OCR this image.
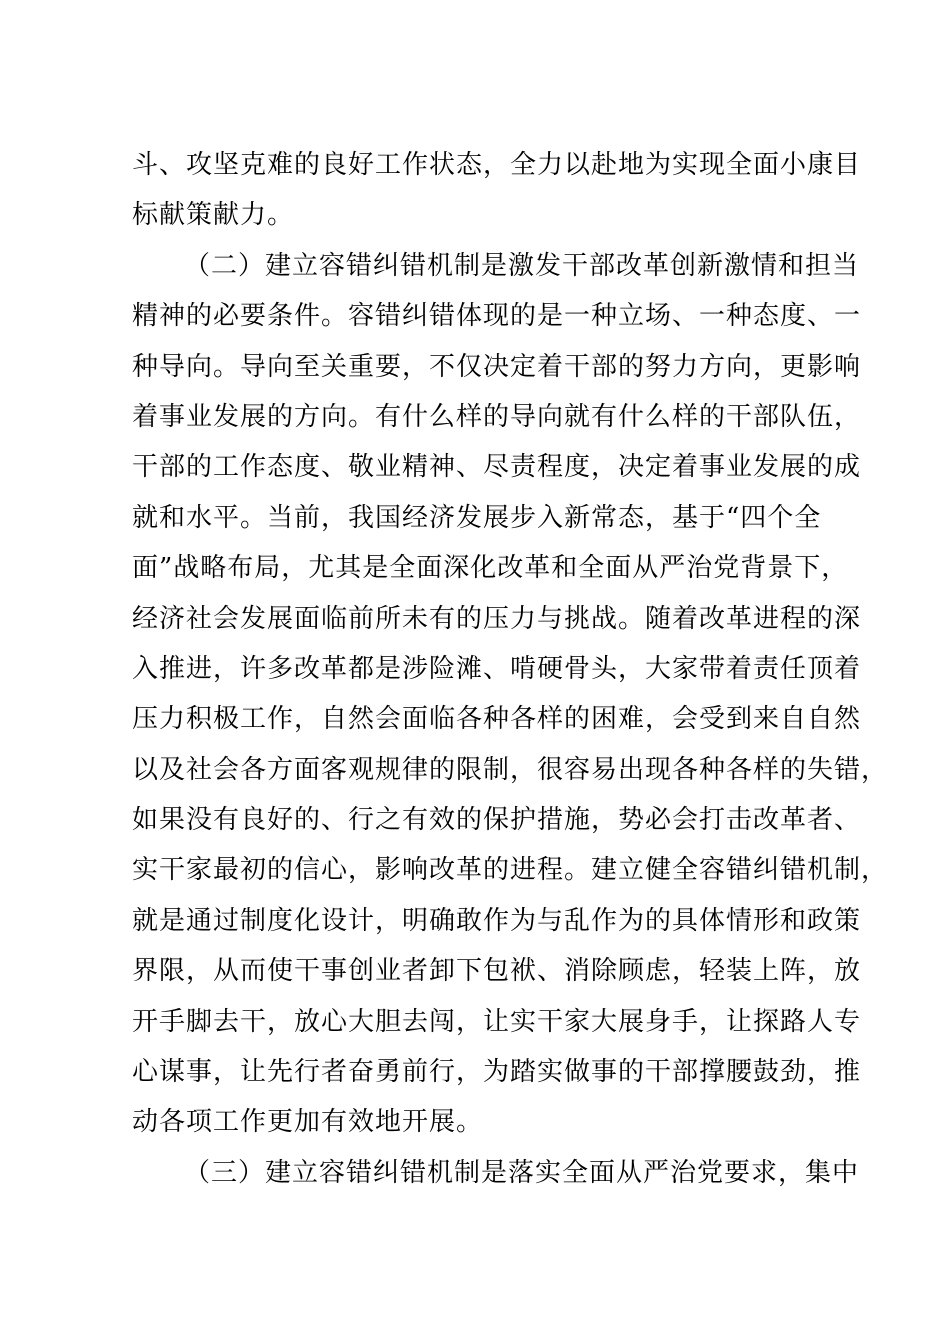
斗、攻坚克难的良好工作状态，全力以赴地为实现全面小康目
标献策献力。
（二）建立容错纠错机制是激发干部改革创新激情和担当
精神的必要条件。容错纠错体现的是一种立场、一种态度、一
种导向。导向至关重要，不仅决定着干部的努力方向，更影响
着事业发展的方向。有什么样的导向就有什么样的干部队伍，
干部的工作态度、敬业精神、尽责程度，决定着事业发展的成
就和水平。当前，我国经济发展步入新常态，基于“四个全
面”战略布局，尤其是全面深化改革和全面从严治党背景下，
经济社会发展面临前所未有的压力与挑战。随着改革进程的深
入推进，许多改革都是涉险滩、啃硬骨头，大家带着责任顶着
压力积极工作，自然会面临各种各样的困难，会受到来自自然
以及社会各方面客观规律的限制，很容易出现各种各样的失错，
如果没有良好的、行之有效的保护措施，势必会打击改革者、
实干家最初的信心，影响改革的进程。建立健全容错纠错机制，
就是通过制度化设计，明确敢作为与乱作为的具体情形和政策
界限，从而使干事创业者卸下包袱、消除顾虑，轻装上阵，放
开手脚去干，放心大胆去闯，让实干家大展身手，让探路人专
心谋事，让先行者奋勇前行，为踏实做事的干部撑腰鼓劲，推
动各项工作更加有效地开展。
（三）建立容错纠错机制是落实全面从严治党要求，集中
